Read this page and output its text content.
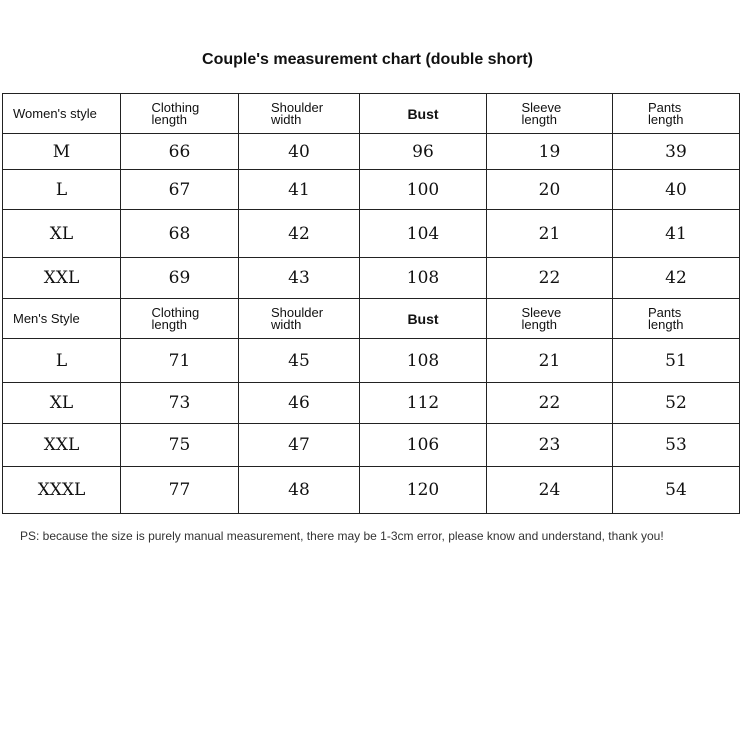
Couple's measurement chart (double short)
Women's style	Clothing length	Shoulder width	Bust	Sleeve length	Pants length
M	66	40	96	19	39
L	67	41	100	20	40
XL	68	42	104	21	41
XXL	69	43	108	22	42
Men's Style	Clothing length	Shoulder width	Bust	Sleeve length	Pants length
L	71	45	108	21	51
XL	73	46	112	22	52
XXL	75	47	106	23	53
XXXL	77	48	120	24	54
PS: because the size is purely manual measurement, there may be 1-3cm error, please know and understand, thank you!
